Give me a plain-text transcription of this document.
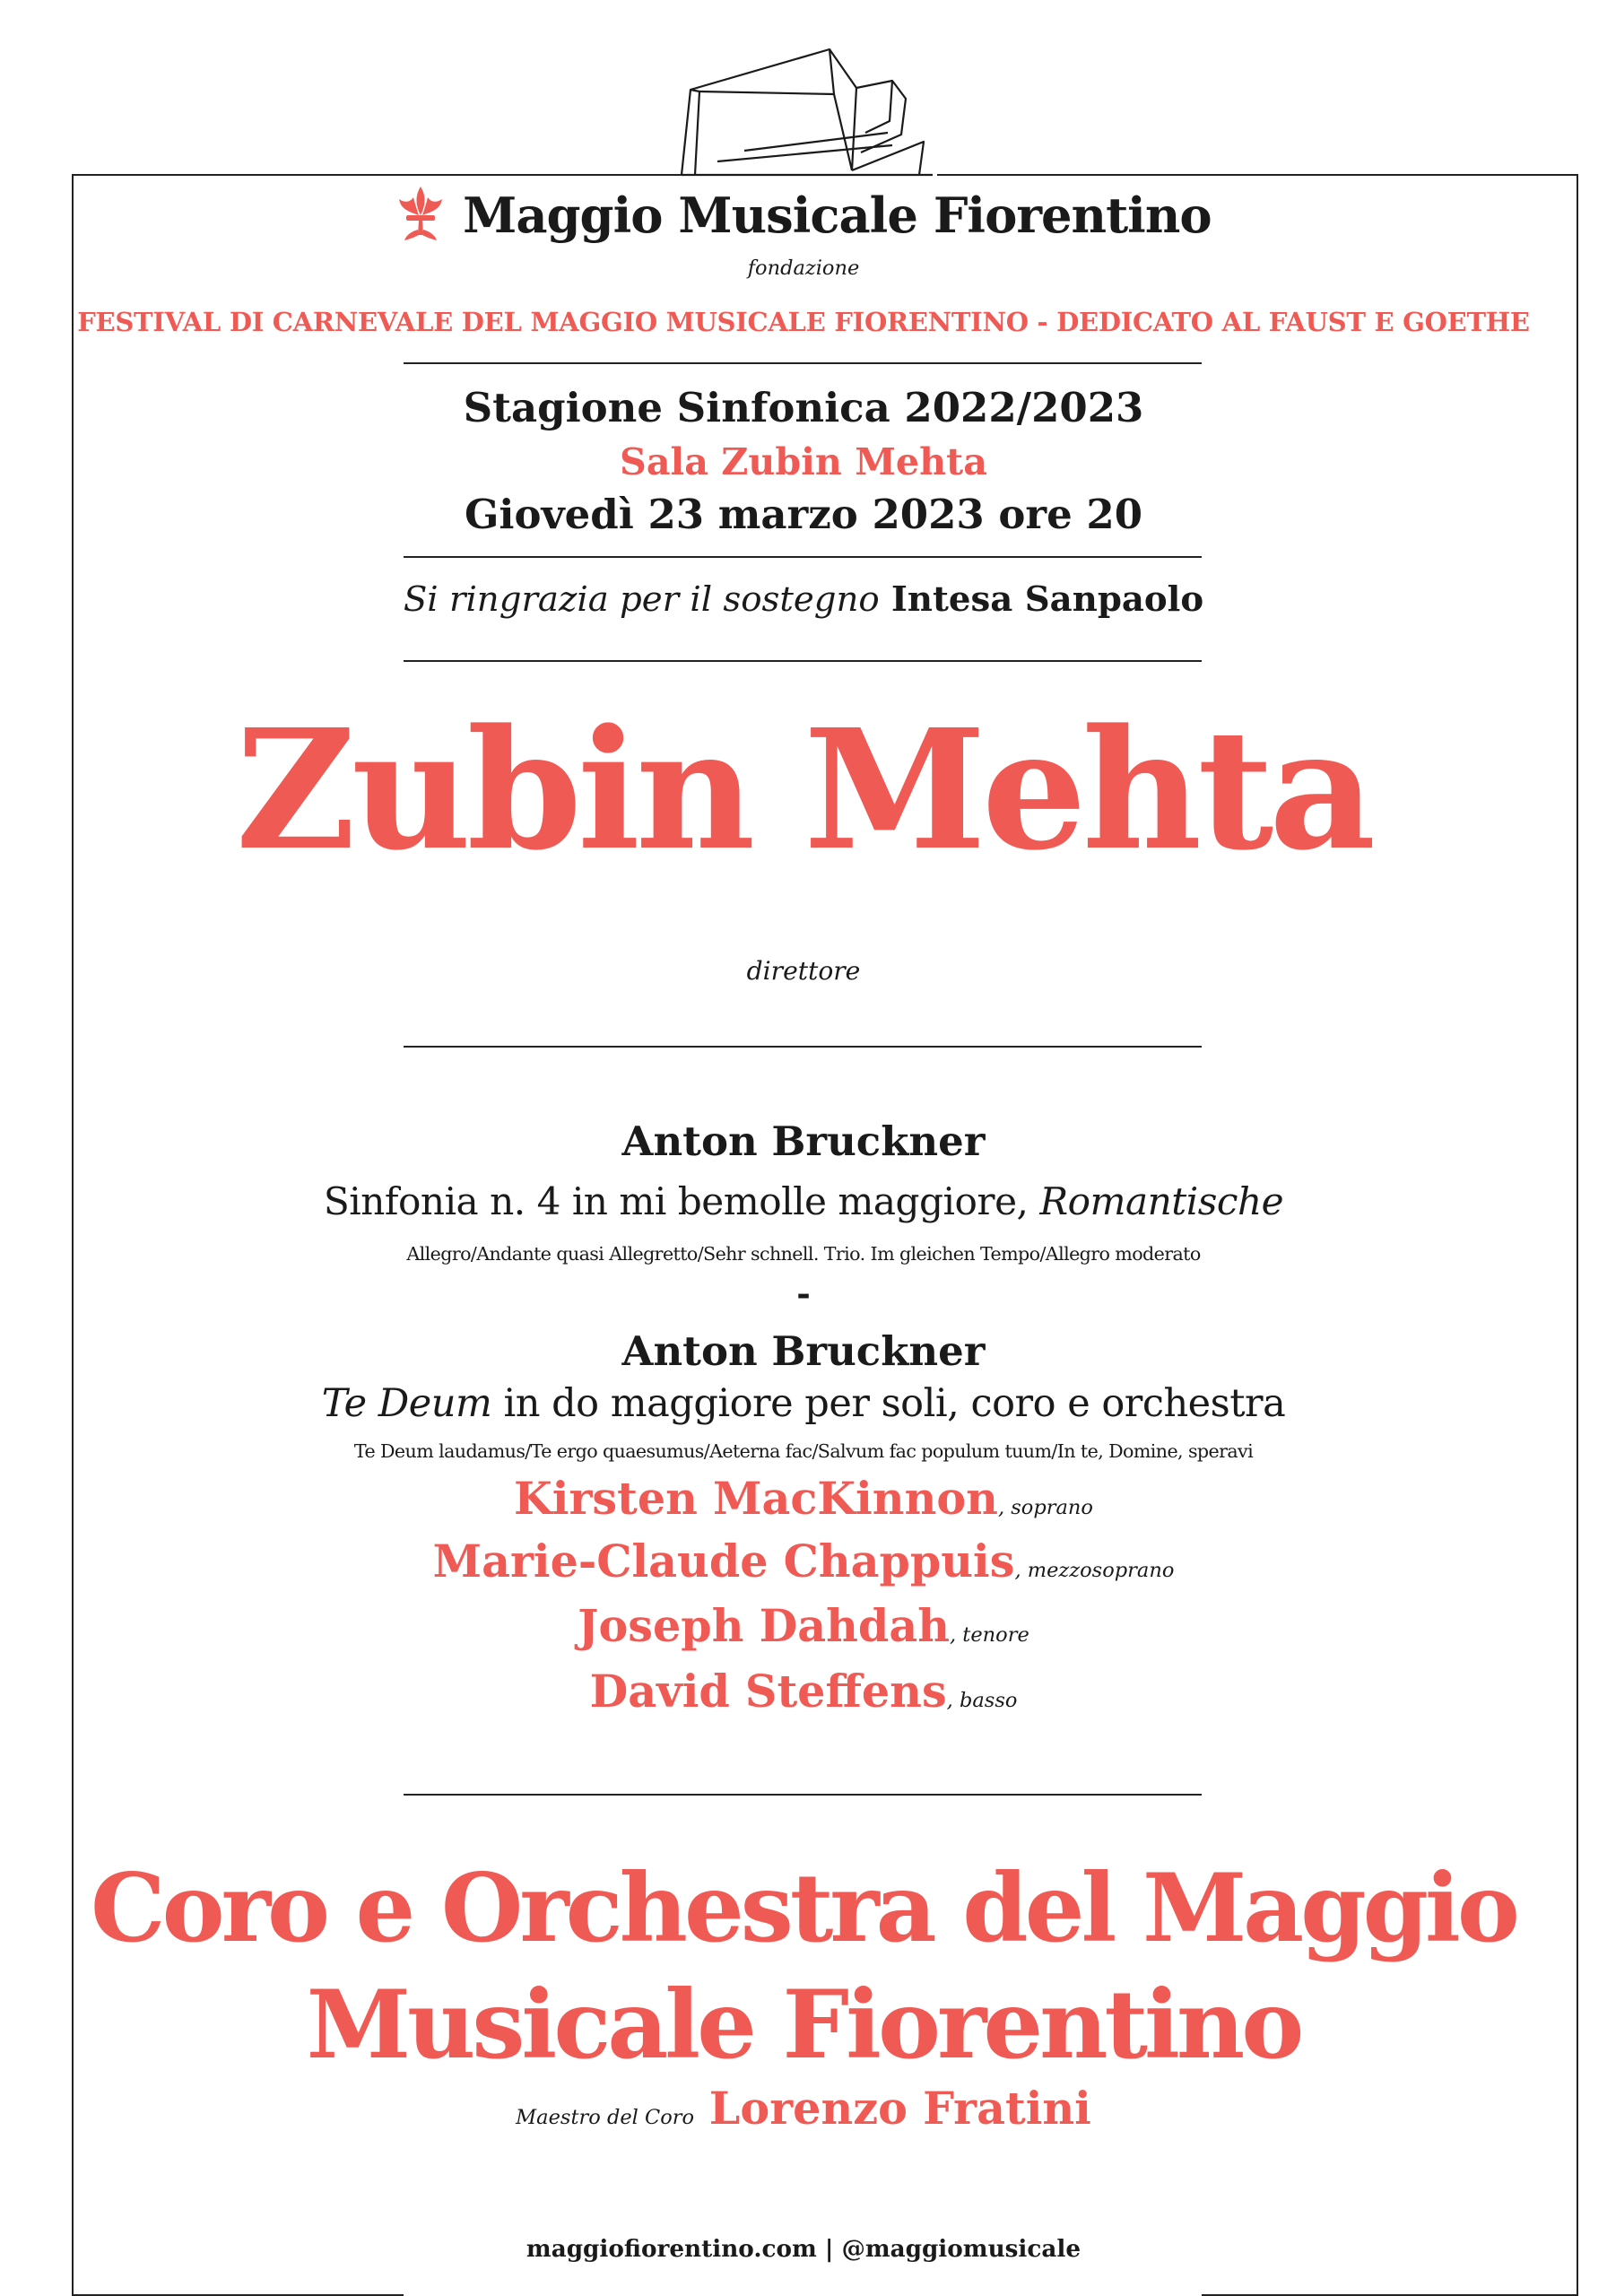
Maggio Musicale Fiorentino
fondazione
FESTIVAL DI CARNEVALE DEL MAGGIO MUSICALE FIORENTINO - DEDICATO AL FAUST E GOETHE
Stagione Sinfonica 2022/2023
Sala Zubin Mehta
Giovedì 23 marzo 2023 ore 20
Si ringrazia per il sostegno Intesa Sanpaolo
Zubin Mehta
direttore
Anton Bruckner
Sinfonia n. 4 in mi bemolle maggiore, Romantische
Allegro/Andante quasi Allegretto/Sehr schnell. Trio. Im gleichen Tempo/Allegro moderato
-
Anton Bruckner
Te Deum in do maggiore per soli, coro e orchestra
Te Deum laudamus/Te ergo quaesumus/Aeterna fac/Salvum fac populum tuum/In te, Domine, speravi
Kirsten MacKinnon, soprano
Marie-Claude Chappuis, mezzosoprano
Joseph Dahdah, tenore
David Steffens, basso
Coro e Orchestra del Maggio
Musicale Fiorentino
Maestro del Coro Lorenzo Fratini
maggiofiorentino.com | @maggiomusicale
